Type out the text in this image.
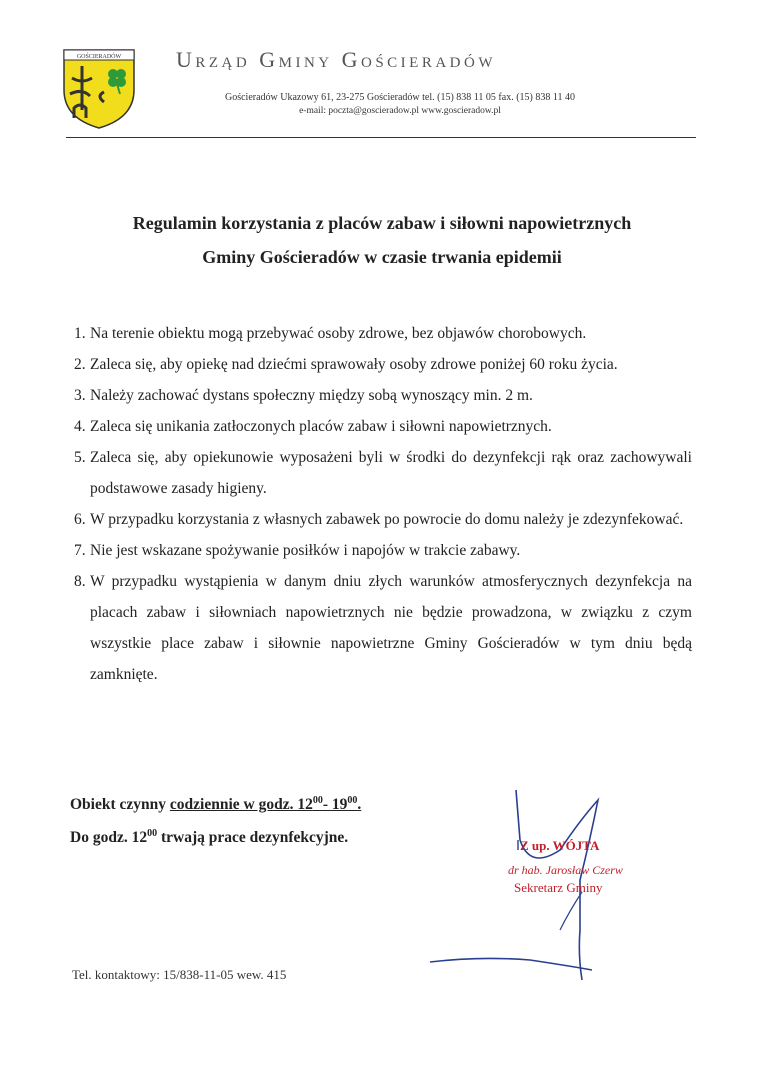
GOŚCIERADÓW Urząd Gminy Gościeradów
Gościeradów Ukazowy 61, 23-275 Gościeradów tel. (15) 838 11 05 fax. (15) 838 11 40
e-mail: poczta@goscieradow.pl www.goscieradow.pl
Regulamin korzystania z placów zabaw i siłowni napowietrznych
Gminy Gościeradów w czasie trwania epidemii
1. Na terenie obiektu mogą przebywać osoby zdrowe, bez objawów chorobowych.
2. Zaleca się, aby opiekę nad dziećmi sprawowały osoby zdrowe poniżej 60 roku życia.
3. Należy zachować dystans społeczny między sobą wynoszący min. 2 m.
4. Zaleca się unikania zatłoczonych placów zabaw i siłowni napowietrznych.
5. Zaleca się, aby opiekunowie wyposażeni byli w środki do dezynfekcji rąk oraz zachowywali podstawowe zasady higieny.
6. W przypadku korzystania z własnych zabawek po powrocie do domu należy je zdezynfekować.
7. Nie jest wskazane spożywanie posiłków i napojów w trakcie zabawy.
8. W przypadku wystąpienia w danym dniu złych warunków atmosferycznych dezynfekcja na placach zabaw i siłowniach napowietrznych nie będzie prowadzona, w związku z czym wszystkie place zabaw i siłownie napowietrzne Gminy Gościeradów w tym dniu będą zamknięte.
Obiekt czynny codziennie w godz. $12^{00}-$ $19^{00}$.
Do godz. $12^{00}$ trwają prace dezynfekcyjne.	Z up. WÓJTA
dr hab. Jarosław Czerw
Sekretarz Gminy
Tel. kontaktowy: 15/838-11-05 wew. 415
